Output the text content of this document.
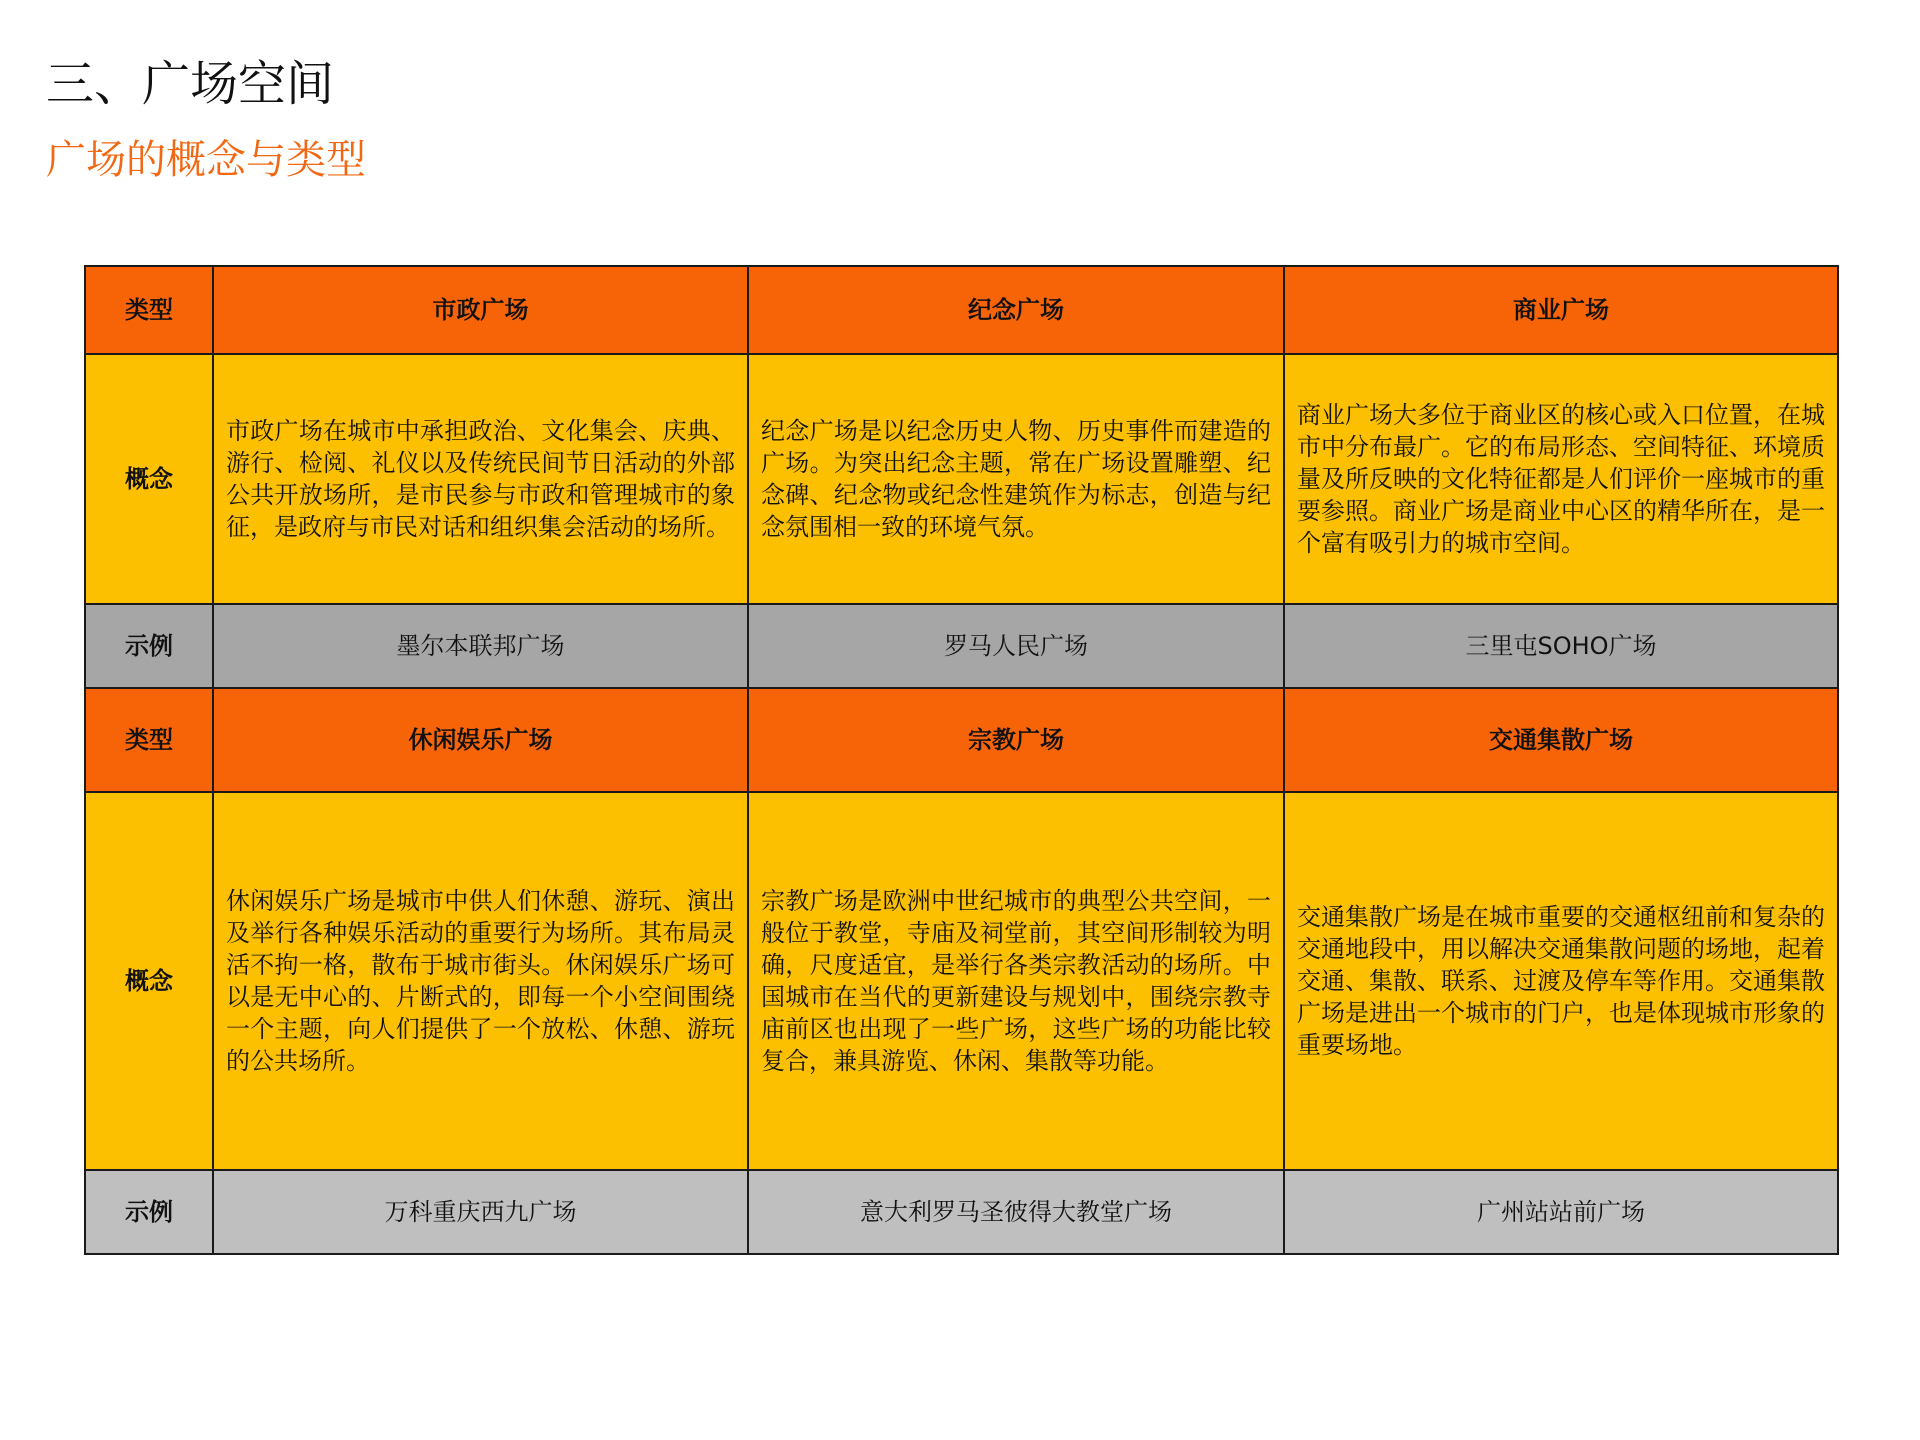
三、广场空间
广场的概念与类型
类型	市政广场	纪念广场	商业广场
概念	市政广场在城市中承担政治、文化集会、庆典、游行、检阅、礼仪以及传统民间节日活动的外部公共开放场所，是市民参与市政和管理城市的象征，是政府与市民对话和组织集会活动的场所。	纪念广场是以纪念历史人物、历史事件而建造的广场。为突出纪念主题，常在广场设置雕塑、纪念碑、纪念物或纪念性建筑作为标志，创造与纪念氛围相一致的环境气氛。	商业广场大多位于商业区的核心或入口位置，在城市中分布最广。它的布局形态、空间特征、环境质量及所反映的文化特征都是人们评价一座城市的重要参照。商业广场是商业中心区的精华所在，是一个富有吸引力的城市空间。
示例	墨尔本联邦广场	罗马人民广场	三里屯SOHO广场
类型	休闲娱乐广场	宗教广场	交通集散广场
概念	休闲娱乐广场是城市中供人们休憩、游玩、演出及举行各种娱乐活动的重要行为场所。其布局灵活不拘一格，散布于城市街头。休闲娱乐广场可以是无中心的、片断式的，即每一个小空间围绕一个主题，向人们提供了一个放松、休憩、游玩的公共场所。	宗教广场是欧洲中世纪城市的典型公共空间，一般位于教堂，寺庙及祠堂前，其空间形制较为明确，尺度适宜，是举行各类宗教活动的场所。中国城市在当代的更新建设与规划中，围绕宗教寺庙前区也出现了一些广场，这些广场的功能比较复合，兼具游览、休闲、集散等功能。	交通集散广场是在城市重要的交通枢纽前和复杂的交通地段中，用以解决交通集散问题的场地，起着交通、集散、联系、过渡及停车等作用。交通集散广场是进出一个城市的门户，也是体现城市形象的重要场地。
示例	万科重庆西九广场	意大利罗马圣彼得大教堂广场	广州站站前广场
